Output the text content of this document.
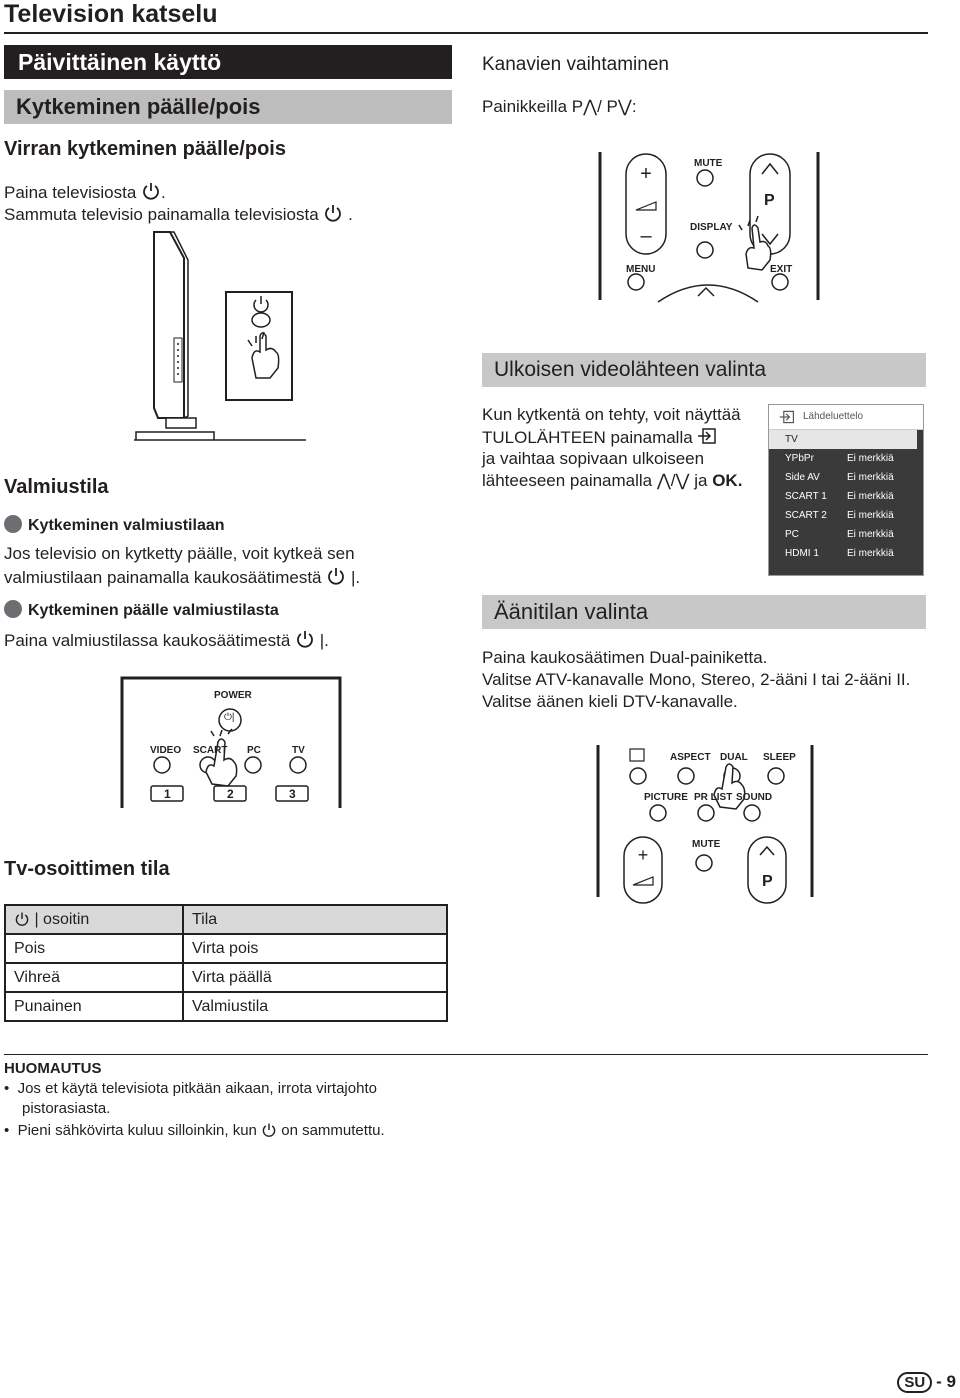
Television katselu
Päivittäinen käyttö
Kytkeminen päälle/pois
Virran kytkeminen päälle/pois
Paina televisiosta .
Sammuta televisio painamalla televisiosta
.
Valmiustila
Kytkeminen valmiustilaan
Jos televisio on kytketty päälle, voit kytkeä sen
valmiustilaan painamalla kaukosäätimestä
|.
Kytkeminen päälle valmiustilasta
Paina valmiustilassa kaukosäätimestä
|.
POWER
⏻|
VIDEO SCART PC	TV
1	2	3
Tv-osoittimen tila
| osoitin	Tila
Pois	Virta pois
Vihreä	Virta päällä
Punainen	Valmiustila
HUOMAUTUS
•  Jos et käytä televisiota pitkään aikaan, irrota virtajohto
pistorasiasta.
•  Pieni sähkövirta kuluu silloinkin, kun on sammutettu.
Kanavien vaihtaminen
Painikkeilla P⋀/ P⋁:
+
–
MUTE
DISPLAY
P
MENU	EXIT
Ulkoisen videolähteen valinta
Kun kytkentä on tehty, voit näyttää
TULOLÄHTEEN painamalla
ja vaihtaa sopivaan ulkoiseen
lähteeseen painamalla ⋀/⋁ ja OK.
Lähdeluettelo
TV
YPbPr	Ei merkkiä
Side AV	Ei merkkiä
SCART 1 Ei merkkiä
SCART 2 Ei merkkiä
PC	Ei merkkiä
HDMI 1	Ei merkkiä
Äänitilan valinta
Paina kaukosäätimen Dual-painiketta.
Valitse ATV-kanavalle Mono, Stereo, 2-ääni I tai 2-ääni II.
Valitse äänen kieli DTV-kanavalle.
+
ASPECT DUAL SLEEP
PICTURE PR LIST SOUND
MUTE
P
SU - 9
